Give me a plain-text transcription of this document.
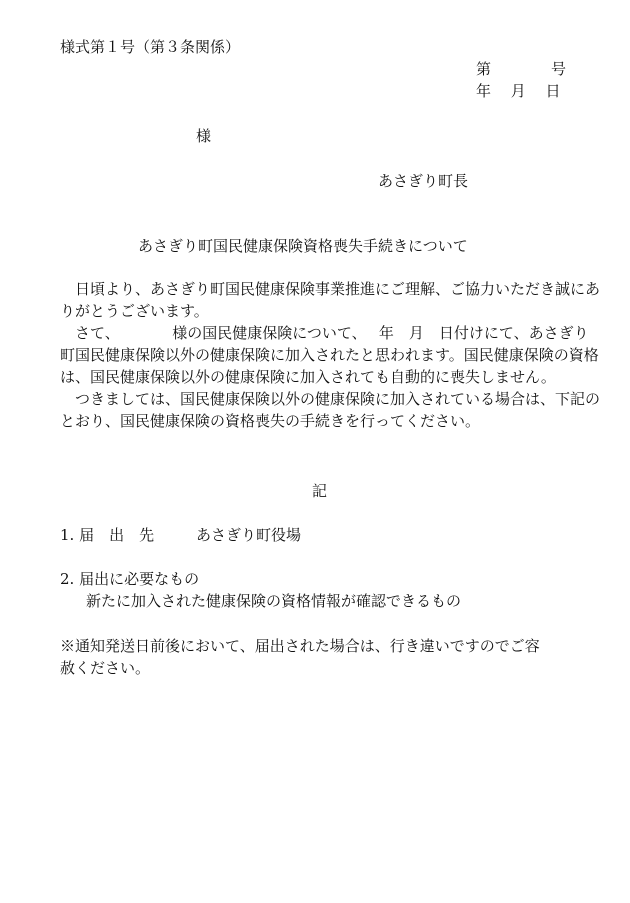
様式第１号（第３条関係）
第　　　　号
年　 月　 日
様
あさぎり町長
あさぎり町国民健康保険資格喪失手続きについて

日頃より、あさぎり町国民健康保険事業推進にご理解、ご協力いただき誠にありがとうございます。

さて、　　　　様の国民健康保険について、　 年　月　日付けにて、あさぎり町国民健康保険以外の健康保険に加入されたと思われます。国民健康保険の資格は、国民健康保険以外の健康保険に加入されても自動的に喪失しません。

つきましては、国民健康保険以外の健康保険に加入されている場合は、下記のとおり、国民健康保険の資格喪失の手続きを行ってください。

記
1. 届　出　先	あさぎり町役場
2. 届出に必要なもの
新たに加入された健康保険の資格情報が確認できるもの
※通知発送日前後において、届出された場合は、行き違いですのでご容
赦ください。
